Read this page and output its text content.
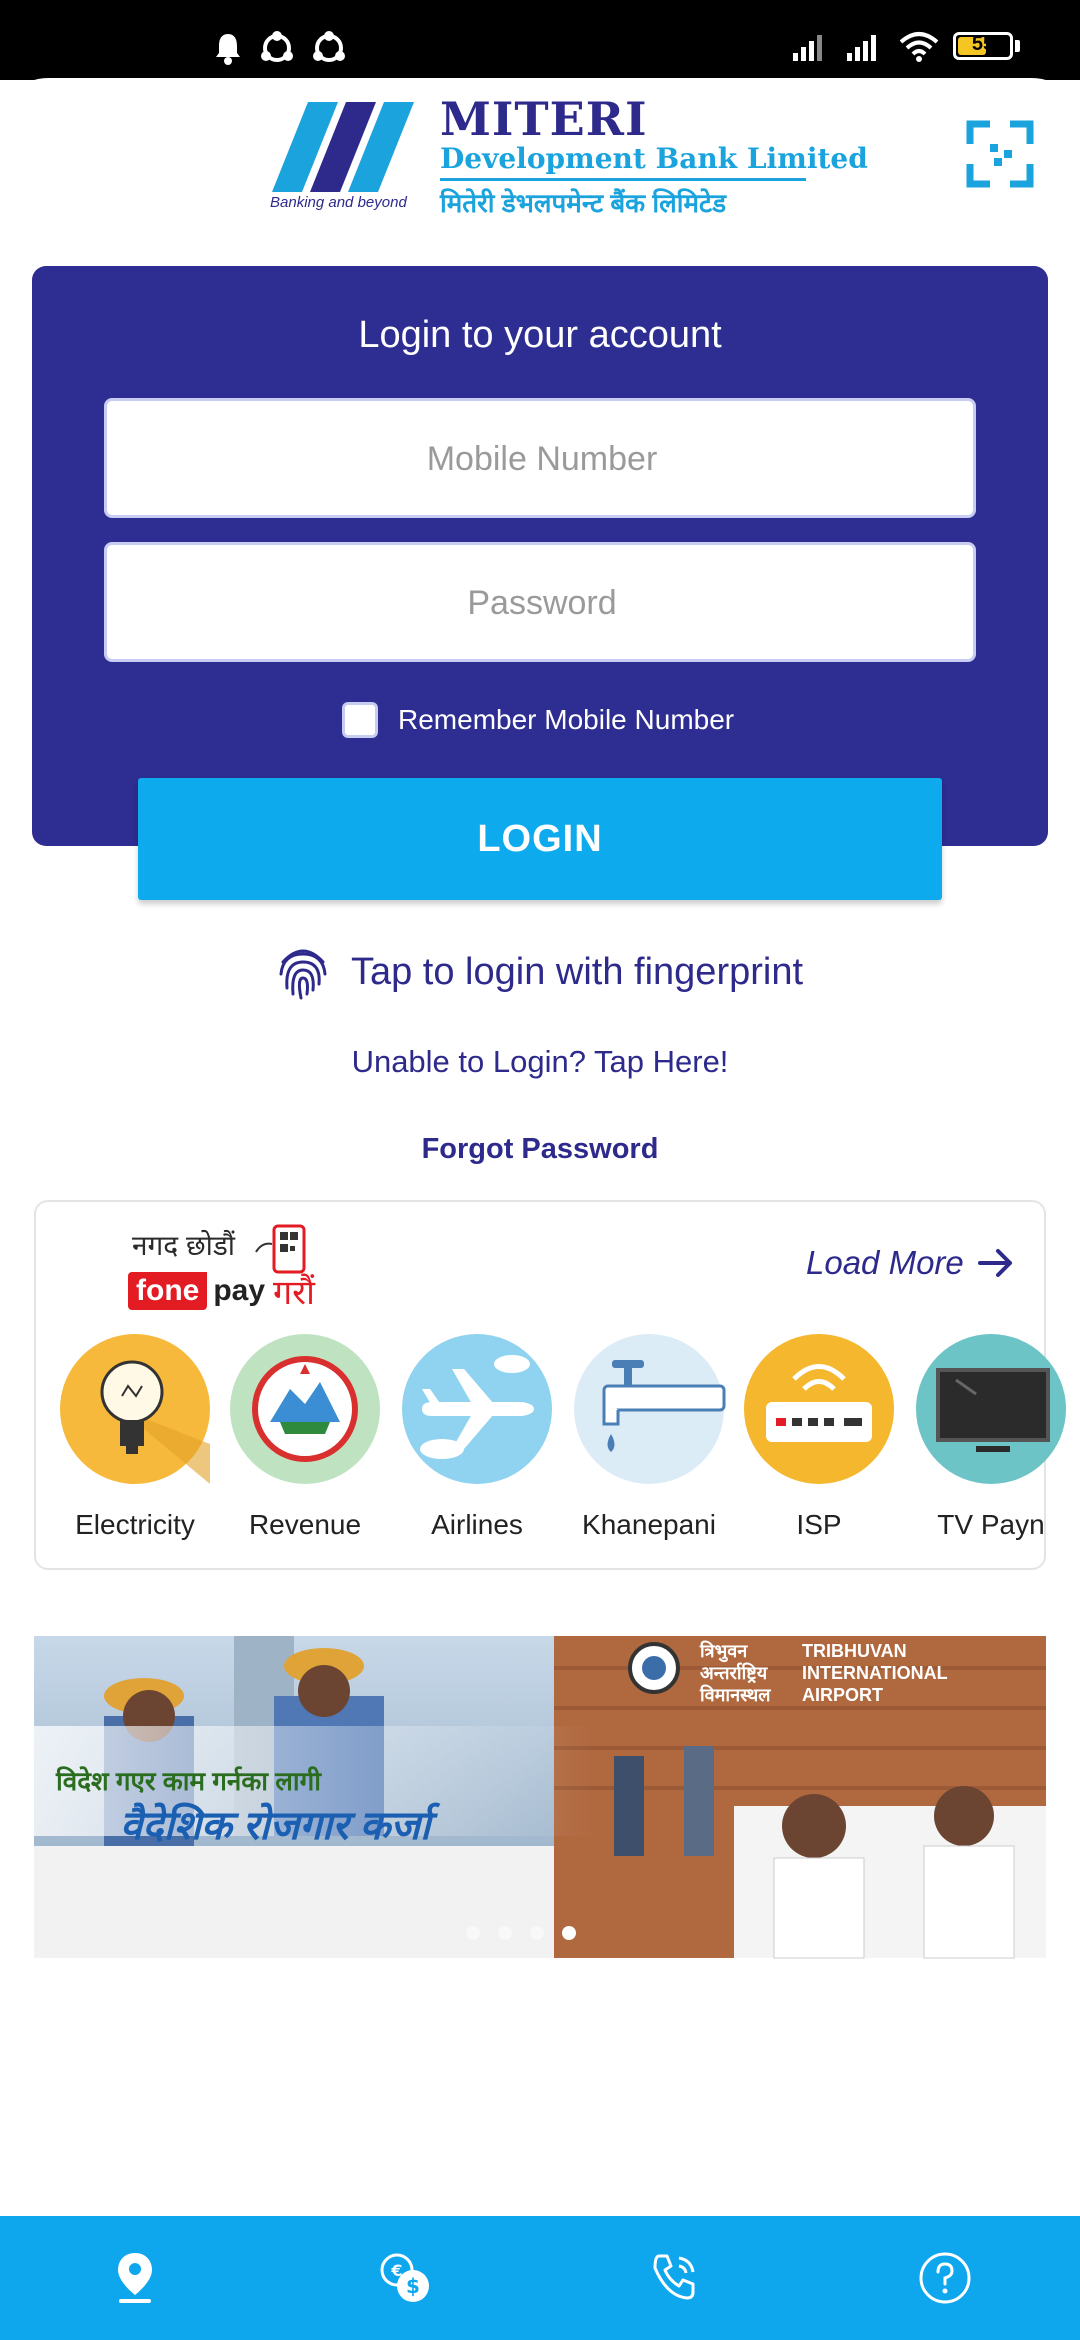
4:49 PM	55
Banking and beyond
MITERI
Development Bank Limited
मितेरी डेभलपमेन्ट बैंक लिमिटेड
Login to your account
Mobile Number
Remember Mobile Number
LOGIN
Tap to login with fingerprint
Unable to Login? Tap Here!
Forgot Password
नगद छोडौं
fone pay गरौं
Load More
Electricity	Revenue	Airlines	Khanepani	ISP	TV Payn
विदेश गएर काम गर्नका लागी
वैदेशिक रोजगार कर्जा
त्रिभुवन
अन्तर्राष्ट्रिय
विमानस्थल
TRIBHUVAN
INTERNATIONAL
AIRPORT
$
€
